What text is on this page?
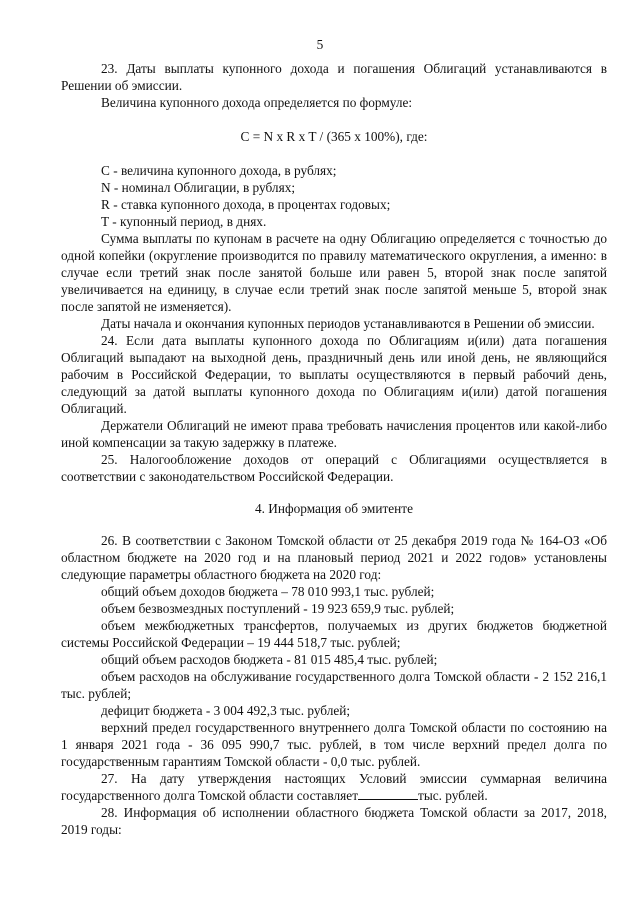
5

23. Даты выплаты купонного дохода и погашения Облигаций устанавливаются в Решении об эмиссии.

Величина купонного дохода определяется по формуле:

C = N x R x T / (365 x 100%), где:

C - величина купонного дохода, в рублях;

N - номинал Облигации, в рублях;

R - ставка купонного дохода, в процентах годовых;

T - купонный период, в днях.

Сумма выплаты по купонам в расчете на одну Облигацию определяется с точностью до одной копейки (округление производится по правилу математического округления, а именно: в случае если третий знак после занятой больше или равен 5, второй знак после запятой увеличивается на единицу, в случае если третий знак после запятой меньше 5, второй знак после запятой не изменяется).

Даты начала и окончания купонных периодов устанавливаются в Решении об эмиссии.

24. Если дата выплаты купонного дохода по Облигациям и(или) дата погашения Облигаций выпадают на выходной день, праздничный день или иной день, не являющийся рабочим в Российской Федерации, то выплаты осуществляются в первый рабочий день, следующий за датой выплаты купонного дохода по Облигациям и(или) датой погашения Облигаций.

Держатели Облигаций не имеют права требовать начисления процентов или какой-либо иной компенсации за такую задержку в платеже.

25. Налогообложение доходов от операций с Облигациями осуществляется в соответствии с законодательством Российской Федерации.

4. Информация об эмитенте

26. В соответствии с Законом Томской области от 25 декабря 2019 года № 164-ОЗ «Об областном бюджете на 2020 год и на плановый период 2021 и 2022 годов» установлены следующие параметры областного бюджета на 2020 год:

общий объем доходов бюджета – 78 010 993,1 тыс. рублей;

объем безвозмездных поступлений - 19 923 659,9 тыс. рублей;

объем межбюджетных трансфертов, получаемых из других бюджетов бюджетной системы Российской Федерации – 19 444 518,7 тыс. рублей;

общий объем расходов бюджета - 81 015 485,4 тыс. рублей;

объем расходов на обслуживание государственного долга Томской области - 2 152 216,1 тыс. рублей;

дефицит бюджета - 3 004 492,3 тыс. рублей;

верхний предел государственного внутреннего долга Томской области по состоянию на 1 января 2021 года - 36 095 990,7 тыс. рублей, в том числе верхний предел долга по государственным гарантиям Томской области - 0,0 тыс. рублей.

27. На дату утверждения настоящих Условий эмиссии суммарная величина государственного долга Томской области составляет	тыс. рублей.

28. Информация об исполнении областного бюджета Томской области за 2017, 2018, 2019 годы:
